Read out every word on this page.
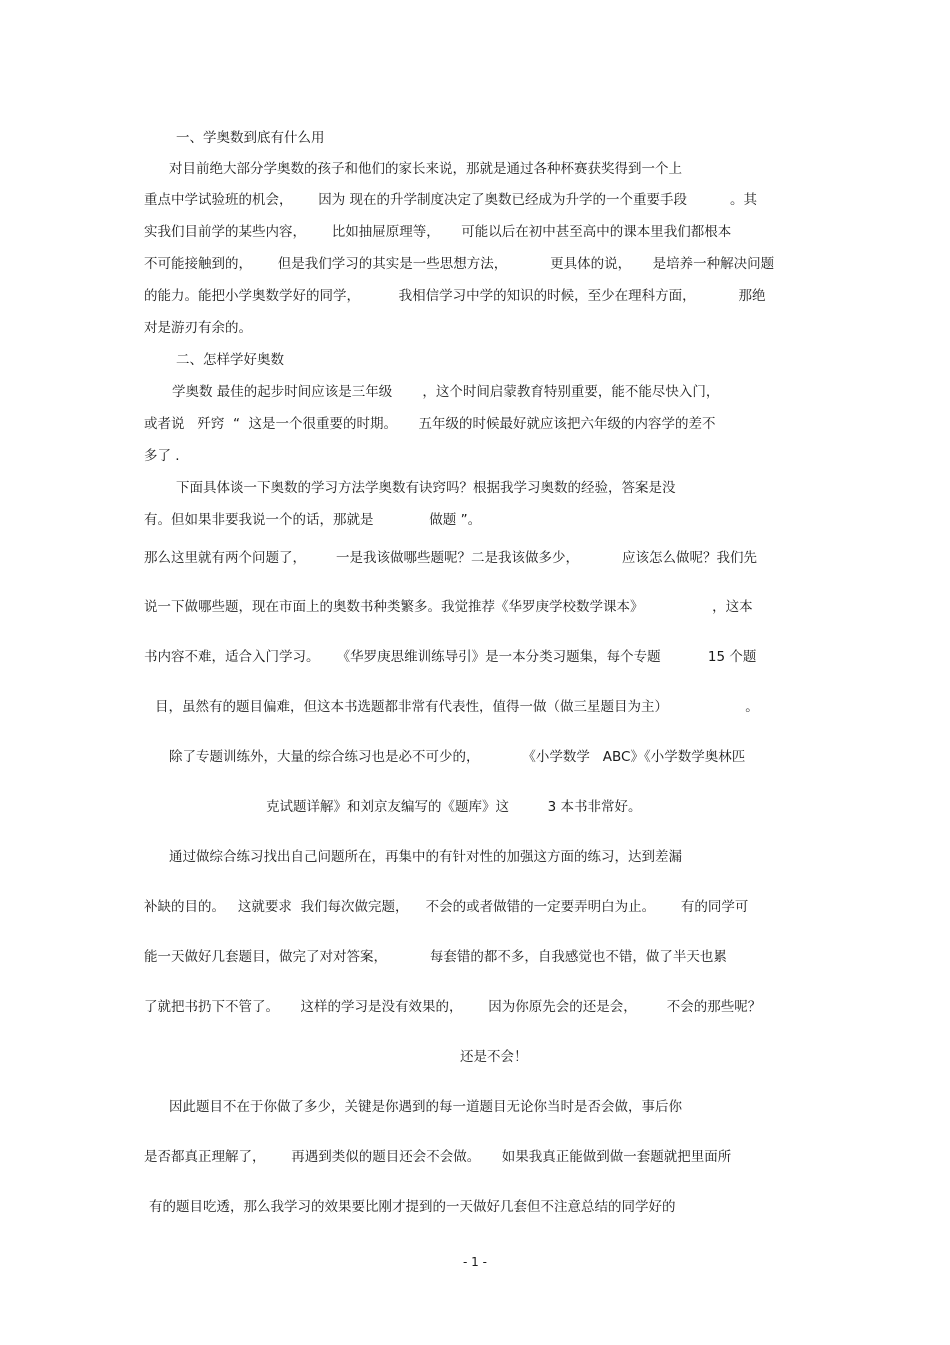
一、学奥数到底有什么用
对目前绝大部分学奥数的孩子和他们的家长来说，那就是通过各种杯赛获奖得到一个上
重点中学试验班的机会，      因为 现在的升学制度决定了奥数已经成为升学的一个重要手段          。其
实我们目前学的某些内容，      比如抽屉原理等，     可能以后在初中甚至高中的课本里我们都根本
不可能接触到的，      但是我们学习的其实是一些思想方法，          更具体的说，     是培养一种解决问题
的能力。能把小学奥数学好的同学，         我相信学习中学的知识的时候，至少在理科方面，          那绝
对是游刃有余的。
二、怎样学好奥数
学奥数 最佳的起步时间应该是三年级       ，这个时间启蒙教育特别重要，能不能尽快入门，
或者说   歼窍  “  这是一个很重要的时期。     五年级的时候最好就应该把六年级的内容学的差不
多了 .
下面具体谈一下奥数的学习方法学奥数有诀窍吗？根据我学习奥数的经验，答案是没
有。但如果非要我说一个的话，那就是             做题 ”。
那么这里就有两个问题了，       一是我该做哪些题呢？二是我该做多少，          应该怎么做呢？我们先
说一下做哪些题，现在市面上的奥数书种类繁多。我觉推荐《华罗庚学校数学课本》                ，这本
书内容不难，适合入门学习。    《华罗庚思维训练导引》是一本分类习题集，每个专题           15 个题
目，虽然有的题目偏难，但这本书选题都非常有代表性，值得一做（做三星题目为主）                  。
除了专题训练外，大量的综合练习也是必不可少的，          《小学数学   ABC》《小学数学奥林匹
克试题详解》和刘京友编写的《题库》这         3 本书非常好。
通过做综合练习找出自己问题所在，再集中的有针对性的加强这方面的练习，达到差漏
补缺的目的。   这就要求  我们每次做完题，    不会的或者做错的一定要弄明白为止。      有的同学可
能一天做好几套题目，做完了对对答案，          每套错的都不多，自我感觉也不错，做了半天也累
了就把书扔下不管了。     这样的学习是没有效果的，      因为你原先会的还是会，       不会的那些呢？
还是不会！
因此题目不在于你做了多少，关键是你遇到的每一道题目无论你当时是否会做，事后你
是否都真正理解了，      再遇到类似的题目还会不会做。     如果我真正能做到做一套题就把里面所
有的题目吃透，那么我学习的效果要比刚才提到的一天做好几套但不注意总结的同学好的
- 1 -
